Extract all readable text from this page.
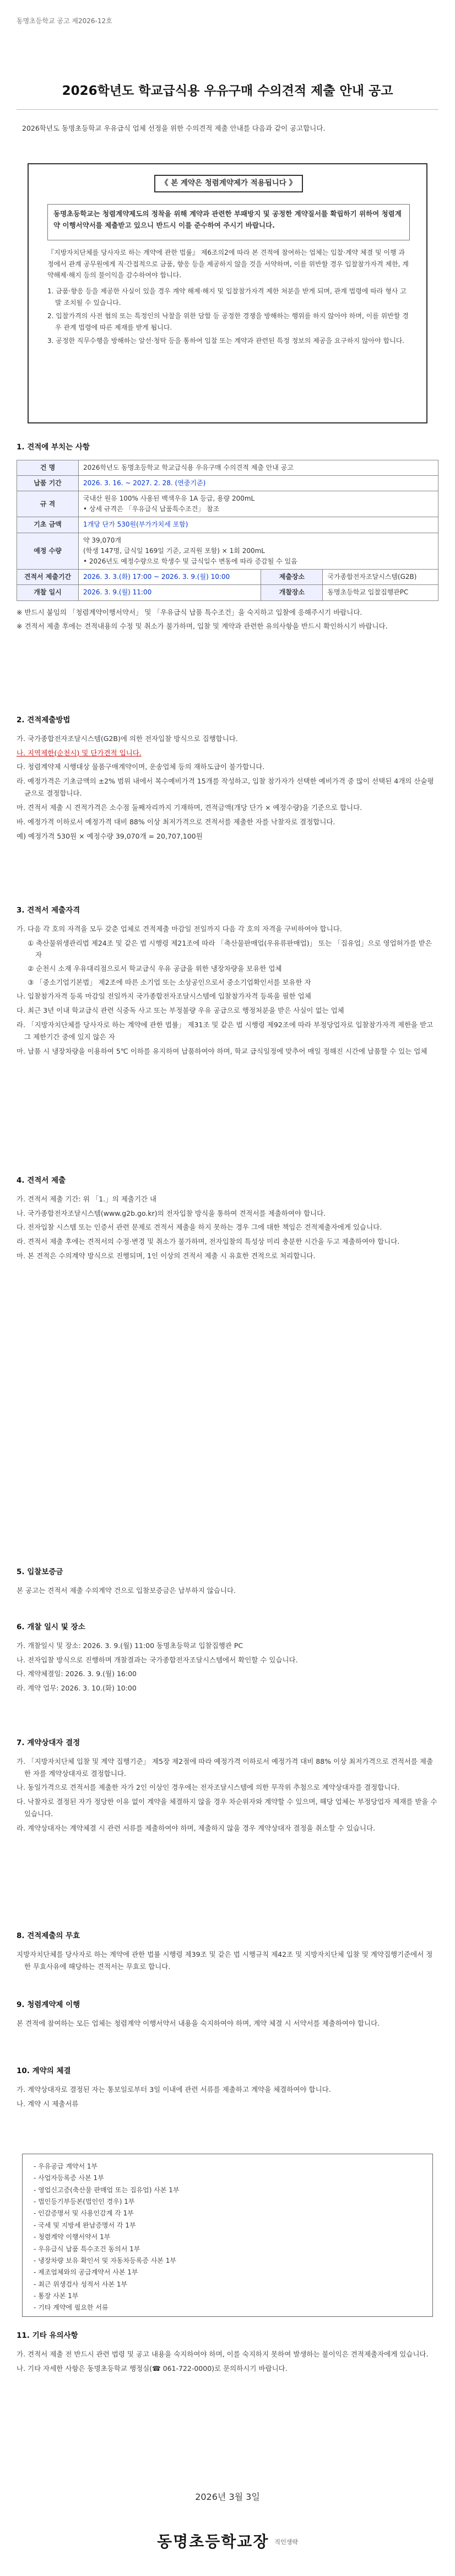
동명초등학교 공고 제2026-12호
2026학년도 학교급식용 우유구매 수의견적 제출 안내 공고
2026학년도 동명초등학교 우유급식 업체 선정을 위한 수의견적 제출 안내를 다음과 같이 공고합니다.
《 본 계약은 청렴계약제가 적용됩니다 》
동명초등학교는 청렴계약제도의 정착을 위해 계약과 관련한 부패방지 및 공정한 계약질서를 확립하기 위하여 청렴계약 이행서약서를 제출받고 있으니 반드시 이를 준수하여 주시기 바랍니다.

『지방자치단체를 당사자로 하는 계약에 관한 법률』 제6조의2에 따라 본 견적에 참여하는 업체는 입찰·계약 체결 및 이행 과정에서 관계 공무원에게 직·간접적으로 금품, 향응 등을 제공하지 않을 것을 서약하며, 이를 위반할 경우 입찰참가자격 제한, 계약해제·해지 등의 불이익을 감수하여야 합니다.

1. 금품·향응 등을 제공한 사실이 있을 경우 계약 해제·해지 및 입찰참가자격 제한 처분을 받게 되며, 관계 법령에 따라 형사 고발 조치될 수 있습니다.
2. 입찰가격의 사전 협의 또는 특정인의 낙찰을 위한 담합 등 공정한 경쟁을 방해하는 행위를 하지 않아야 하며, 이를 위반할 경우 관계 법령에 따른 제재를 받게 됩니다.
3. 공정한 직무수행을 방해하는 알선·청탁 등을 통하여 입찰 또는 계약과 관련된 특정 정보의 제공을 요구하지 않아야 합니다.
1. 견적에 부치는 사항
건 명	2026학년도 동명초등학교 학교급식용 우유구매 수의견적 제출 안내 공고		
납품 기간	2026. 3. 16. ~ 2027. 2. 28. (연중기준)		
규 격	국내산 원유 100% 사용된 백색우유 1A 등급, 용량 200mL
• 상세 규격은 「우유급식 납품특수조건」 참조		
기초 금액	1개당 단가 530원(부가가치세 포함)		
예정 수량	약 39,070개
(학생 147명, 급식일 169일 기준, 교직원 포함) × 1회 200mL
• 2026년도 예정수량으로 학생수 및 급식일수 변동에 따라 증감될 수 있음		
견적서 제출기간	2026. 3. 3.(화) 17:00 ~ 2026. 3. 9.(월) 10:00	제출장소	국가종합전자조달시스템(G2B)
개찰 일시	2026. 3. 9.(월) 11:00	개찰장소	동명초등학교 입찰집행관PC
※ 반드시 붙임의 「청렴계약이행서약서」 및 「우유급식 납품 특수조건」을 숙지하고 입찰에 응해주시기 바랍니다.
※ 견적서 제출 후에는 견적내용의 수정 및 취소가 불가하며, 입찰 및 계약과 관련한 유의사항을 반드시 확인하시기 바랍니다.
2. 견적제출방법
가. 국가종합전자조달시스템(G2B)에 의한 전자입찰 방식으로 집행합니다.
나. 지역제한(순천시) 및 단가견적 입니다.
다. 청렴계약제 시행대상 물품구매계약이며, 운송업체 등의 재하도급이 불가합니다.
라. 예정가격은 기초금액의 ±2% 범위 내에서 복수예비가격 15개를 작성하고, 입찰 참가자가 선택한 예비가격 중 많이 선택된 4개의 산술평균으로 결정합니다.
마. 견적서 제출 시 견적가격은 소수점 둘째자리까지 기재하며, 견적금액(개당 단가 × 예정수량)을 기준으로 합니다.
바. 예정가격 이하로서 예정가격 대비 88% 이상 최저가격으로 견적서를 제출한 자를 낙찰자로 결정합니다.
예) 예정가격 530원 × 예정수량 39,070개 = 20,707,100원
3. 견적서 제출자격
가. 다음 각 호의 자격을 모두 갖춘 업체로 견적제출 마감일 전일까지 다음 각 호의 자격을 구비하여야 합니다.
① 축산물위생관리법 제24조 및 같은 법 시행령 제21조에 따라 「축산물판매업(우유류판매업)」 또는 「집유업」으로 영업허가를 받은 자
② 순천시 소재 우유대리점으로서 학교급식 우유 공급을 위한 냉장차량을 보유한 업체
③ 「중소기업기본법」 제2조에 따른 소기업 또는 소상공인으로서 중소기업확인서를 보유한 자
나. 입찰참가자격 등록 마감일 전일까지 국가종합전자조달시스템에 입찰참가자격 등록을 필한 업체
다. 최근 3년 이내 학교급식 관련 식중독 사고 또는 부정불량 우유 공급으로 행정처분을 받은 사실이 없는 업체
라. 「지방자치단체를 당사자로 하는 계약에 관한 법률」 제31조 및 같은 법 시행령 제92조에 따라 부정당업자로 입찰참가자격 제한을 받고 그 제한기간 중에 있지 않은 자
마. 납품 시 냉장차량을 이용하여 5℃ 이하를 유지하여 납품하여야 하며, 학교 급식일정에 맞추어 매일 정해진 시간에 납품할 수 있는 업체
4. 견적서 제출
가. 견적서 제출 기간: 위 「1.」의 제출기간 내
나. 국가종합전자조달시스템(www.g2b.go.kr)의 전자입찰 방식을 통하여 견적서를 제출하여야 합니다.
다. 전자입찰 시스템 또는 인증서 관련 문제로 견적서 제출을 하지 못하는 경우 그에 대한 책임은 견적제출자에게 있습니다.
라. 견적서 제출 후에는 견적서의 수정·변경 및 취소가 불가하며, 전자입찰의 특성상 미리 충분한 시간을 두고 제출하여야 합니다.
마. 본 견적은 수의계약 방식으로 진행되며, 1인 이상의 견적서 제출 시 유효한 견적으로 처리합니다.
5. 입찰보증금
본 공고는 견적서 제출 수의계약 건으로 입찰보증금은 납부하지 않습니다.
6. 개찰 일시 및 장소
가. 개찰일시 및 장소: 2026. 3. 9.(월) 11:00 동명초등학교 입찰집행관 PC
나. 전자입찰 방식으로 진행하며 개찰결과는 국가종합전자조달시스템에서 확인할 수 있습니다.
다. 계약체결일: 2026. 3. 9.(월) 16:00
라. 계약 업무: 2026. 3. 10.(화) 10:00
7. 계약상대자 결정
가. 「지방자치단체 입찰 및 계약 집행기준」 제5장 제2절에 따라 예정가격 이하로서 예정가격 대비 88% 이상 최저가격으로 견적서를 제출한 자를 계약상대자로 결정합니다.
나. 동일가격으로 견적서를 제출한 자가 2인 이상인 경우에는 전자조달시스템에 의한 무작위 추첨으로 계약상대자를 결정합니다.
다. 낙찰자로 결정된 자가 정당한 이유 없이 계약을 체결하지 않을 경우 차순위자와 계약할 수 있으며, 해당 업체는 부정당업자 제재를 받을 수 있습니다.
라. 계약상대자는 계약체결 시 관련 서류를 제출하여야 하며, 제출하지 않을 경우 계약상대자 결정을 취소할 수 있습니다.
8. 견적제출의 무효
지방자치단체를 당사자로 하는 계약에 관한 법률 시행령 제39조 및 같은 법 시행규칙 제42조 및 지방자치단체 입찰 및 계약집행기준에서 정한 무효사유에 해당하는 견적서는 무효로 합니다.
9. 청렴계약제 이행
본 견적에 참여하는 모든 업체는 청렴계약 이행서약서 내용을 숙지하여야 하며, 계약 체결 시 서약서를 제출하여야 합니다.
10. 계약의 체결
가. 계약상대자로 결정된 자는 통보일로부터 3일 이내에 관련 서류를 제출하고 계약을 체결하여야 합니다.
나. 계약 시 제출서류
- 우유공급 계약서 1부
- 사업자등록증 사본 1부
- 영업신고증(축산물 판매업 또는 집유업) 사본 1부
- 법인등기부등본(법인인 경우) 1부
- 인감증명서 및 사용인감계 각 1부
- 국세 및 지방세 완납증명서 각 1부
- 청렴계약 이행서약서 1부
- 우유급식 납품 특수조건 동의서 1부
- 냉장차량 보유 확인서 및 자동차등록증 사본 1부
- 제조업체와의 공급계약서 사본 1부
- 최근 위생검사 성적서 사본 1부
- 통장 사본 1부
- 기타 계약에 필요한 서류
11. 기타 유의사항
가. 견적서 제출 전 반드시 관련 법령 및 공고 내용을 숙지하여야 하며, 이를 숙지하지 못하여 발생하는 불이익은 견적제출자에게 있습니다.
나. 기타 자세한 사항은 동명초등학교 행정실(☎ 061-722-0000)로 문의하시기 바랍니다.
2026년 3월 3일
동명초등학교장 직인생략
